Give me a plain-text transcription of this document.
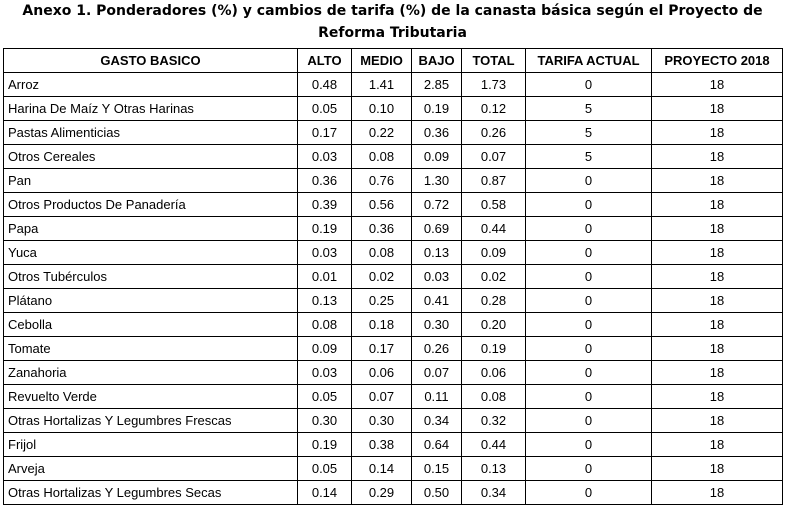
Anexo 1. Ponderadores (%) y cambios de tarifa (%) de la canasta básica según el Proyecto de Reforma Tributaria

GASTO BASICO	ALTO	MEDIO	BAJO	TOTAL	TARIFA ACTUAL	PROYECTO 2018
Arroz	0.48	1.41	2.85	1.73	0	18
Harina De Maíz Y Otras Harinas	0.05	0.10	0.19	0.12	5	18
Pastas Alimenticias	0.17	0.22	0.36	0.26	5	18
Otros Cereales	0.03	0.08	0.09	0.07	5	18
Pan	0.36	0.76	1.30	0.87	0	18
Otros Productos De Panadería	0.39	0.56	0.72	0.58	0	18
Papa	0.19	0.36	0.69	0.44	0	18
Yuca	0.03	0.08	0.13	0.09	0	18
Otros Tubérculos	0.01	0.02	0.03	0.02	0	18
Plátano	0.13	0.25	0.41	0.28	0	18
Cebolla	0.08	0.18	0.30	0.20	0	18
Tomate	0.09	0.17	0.26	0.19	0	18
Zanahoria	0.03	0.06	0.07	0.06	0	18
Revuelto Verde	0.05	0.07	0.11	0.08	0	18
Otras Hortalizas Y Legumbres Frescas	0.30	0.30	0.34	0.32	0	18
Frijol	0.19	0.38	0.64	0.44	0	18
Arveja	0.05	0.14	0.15	0.13	0	18
Otras Hortalizas Y Legumbres Secas	0.14	0.29	0.50	0.34	0	18
